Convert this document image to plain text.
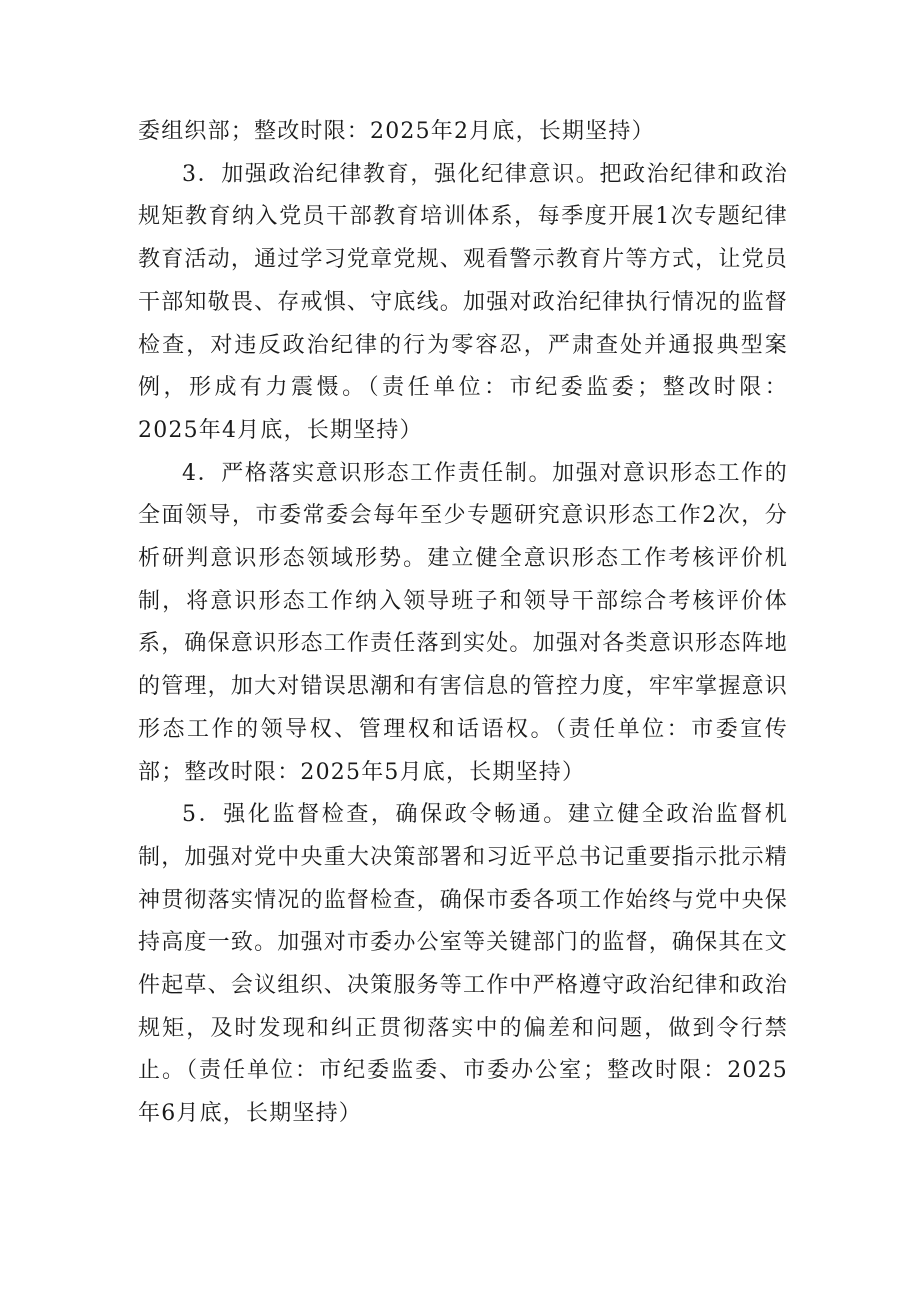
委组织部；整改时限：2025年2月底，长期坚持）

3．加强政治纪律教育，强化纪律意识。把政治纪律和政治规矩教育纳入党员干部教育培训体系，每季度开展1次专题纪律教育活动，通过学习党章党规、观看警示教育片等方式，让党员干部知敬畏、存戒惧、守底线。加强对政治纪律执行情况的监督检查，对违反政治纪律的行为零容忍，严肃查处并通报典型案例，形成有力震慑。（责任单位：市纪委监委；整改时限：2025年4月底，长期坚持）

4．严格落实意识形态工作责任制。加强对意识形态工作的全面领导，市委常委会每年至少专题研究意识形态工作2次，分析研判意识形态领域形势。建立健全意识形态工作考核评价机制，将意识形态工作纳入领导班子和领导干部综合考核评价体系，确保意识形态工作责任落到实处。加强对各类意识形态阵地的管理，加大对错误思潮和有害信息的管控力度，牢牢掌握意识形态工作的领导权、管理权和话语权。（责任单位：市委宣传部；整改时限：2025年5月底，长期坚持）

5．强化监督检查，确保政令畅通。建立健全政治监督机制，加强对党中央重大决策部署和习近平总书记重要指示批示精神贯彻落实情况的监督检查，确保市委各项工作始终与党中央保持高度一致。加强对市委办公室等关键部门的监督，确保其在文件起草、会议组织、决策服务等工作中严格遵守政治纪律和政治规矩，及时发现和纠正贯彻落实中的偏差和问题，做到令行禁止。（责任单位：市纪委监委、市委办公室；整改时限：2025年6月底，长期坚持）
